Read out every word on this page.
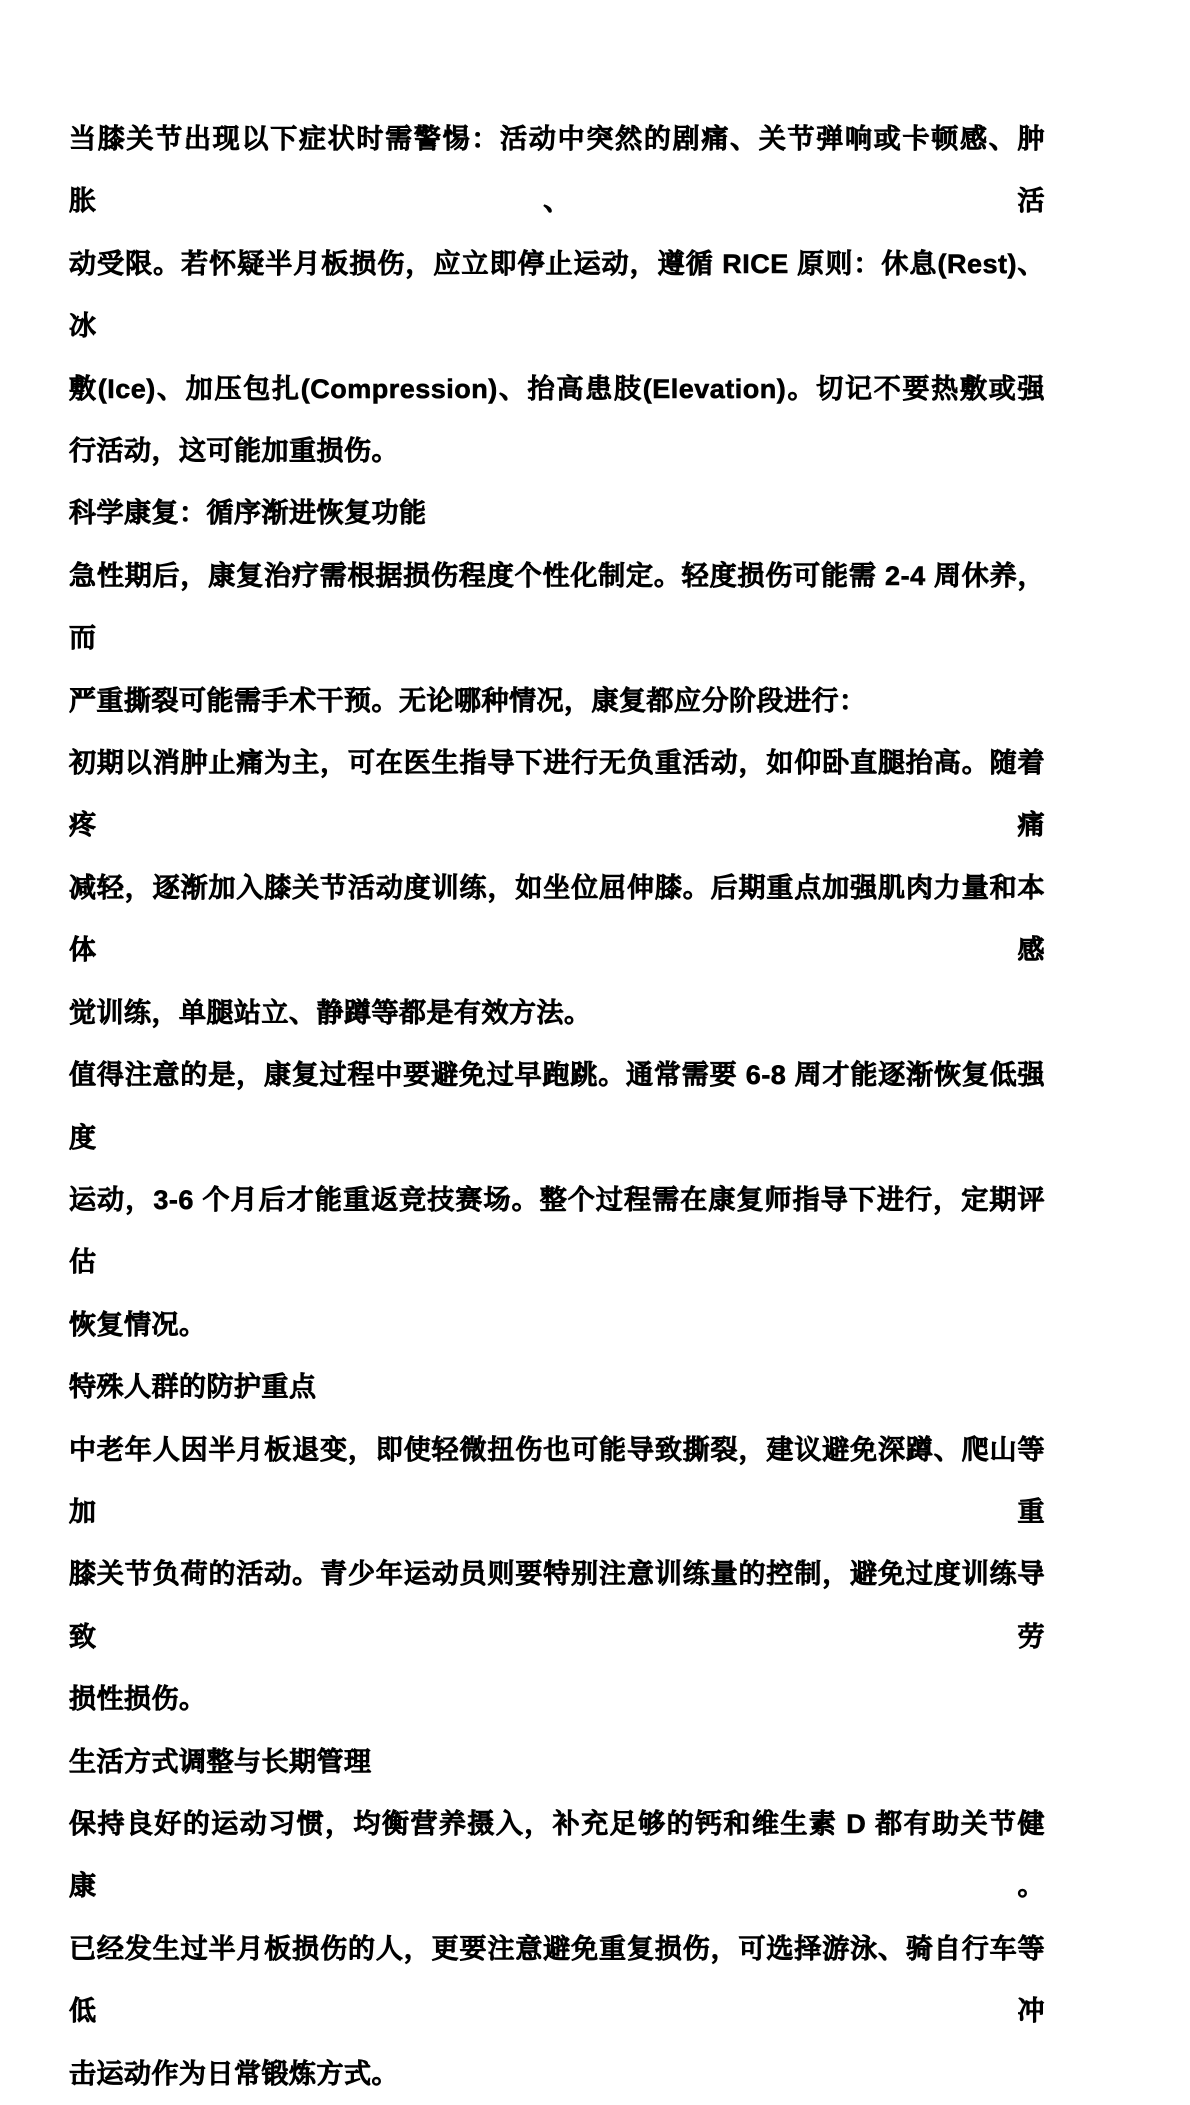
当膝关节出现以下症状时需警惕：活动中突然的剧痛、关节弹响或卡顿感、肿胀、活
动受限。若怀疑半月板损伤，应立即停止运动，遵循 RICE 原则：休息(Rest)、冰
敷(Ice)、加压包扎(Compression)、抬高患肢(Elevation)。切记不要热敷或强
行活动，这可能加重损伤。
科学康复：循序渐进恢复功能
急性期后，康复治疗需根据损伤程度个性化制定。轻度损伤可能需 2-4 周休养，而
严重撕裂可能需手术干预。无论哪种情况，康复都应分阶段进行：
初期以消肿止痛为主，可在医生指导下进行无负重活动，如仰卧直腿抬高。随着疼痛
减轻，逐渐加入膝关节活动度训练，如坐位屈伸膝。后期重点加强肌肉力量和本体感
觉训练，单腿站立、静蹲等都是有效方法。
值得注意的是，康复过程中要避免过早跑跳。通常需要 6-8 周才能逐渐恢复低强度
运动，3-6 个月后才能重返竞技赛场。整个过程需在康复师指导下进行，定期评估
恢复情况。
特殊人群的防护重点
中老年人因半月板退变，即使轻微扭伤也可能导致撕裂，建议避免深蹲、爬山等加重
膝关节负荷的活动。青少年运动员则要特别注意训练量的控制，避免过度训练导致劳
损性损伤。
生活方式调整与长期管理
保持良好的运动习惯，均衡营养摄入，补充足够的钙和维生素 D 都有助关节健康。
已经发生过半月板损伤的人，更要注意避免重复损伤，可选择游泳、骑自行车等低冲
击运动作为日常锻炼方式。
